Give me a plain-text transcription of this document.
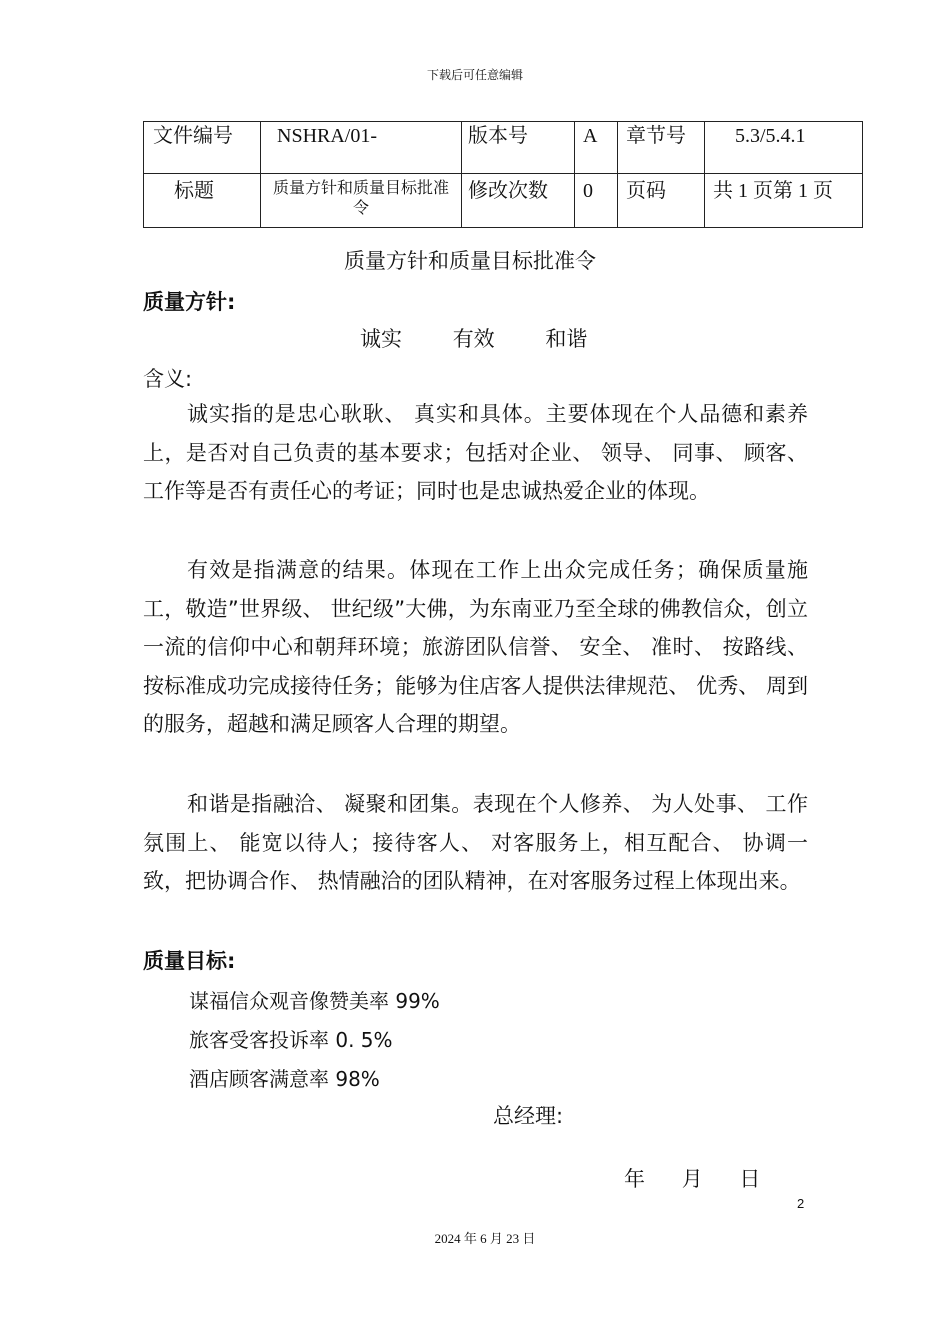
下载后可任意编辑
文件编号	NSHRA/01-	版本号	A	章节号	5.3/5.4.1
标题	质量方针和质量目标批准令	修改次数	0	页码	共 1 页第 1 页
质量方针和质量目标批准令
质量方针:
诚实 有效 和谐
含义:
诚实指的是忠心耿耿、 真实和具体。主要体现在个人品德和素养上，是否对自己负责的基本要求；包括对企业、 领导、 同事、 顾客、 工作等是否有责任心的考证；同时也是忠诚热爱企业的体现。
有效是指满意的结果。体现在工作上出众完成任务；确保质量施工，敬造”世界级、 世纪级”大佛，为东南亚乃至全球的佛教信众，创立一流的信仰中心和朝拜环境；旅游团队信誉、 安全、 准时、 按路线、 按标准成功完成接待任务；能够为住店客人提供法律规范、 优秀、 周到的服务，超越和满足顾客人合理的期望。
和谐是指融洽、 凝聚和团集。表现在个人修养、 为人处事、 工作氛围上、 能宽以待人；接待客人、 对客服务上，相互配合、 协调一致，把协调合作、 热情融洽的团队精神，在对客服务过程上体现出来。
质量目标:
谋福信众观音像赞美率 99%
旅客受客投诉率 0. 5%
酒店顾客满意率 98%
总经理:
年 月 日
2
2024 年 6 月 23 日
